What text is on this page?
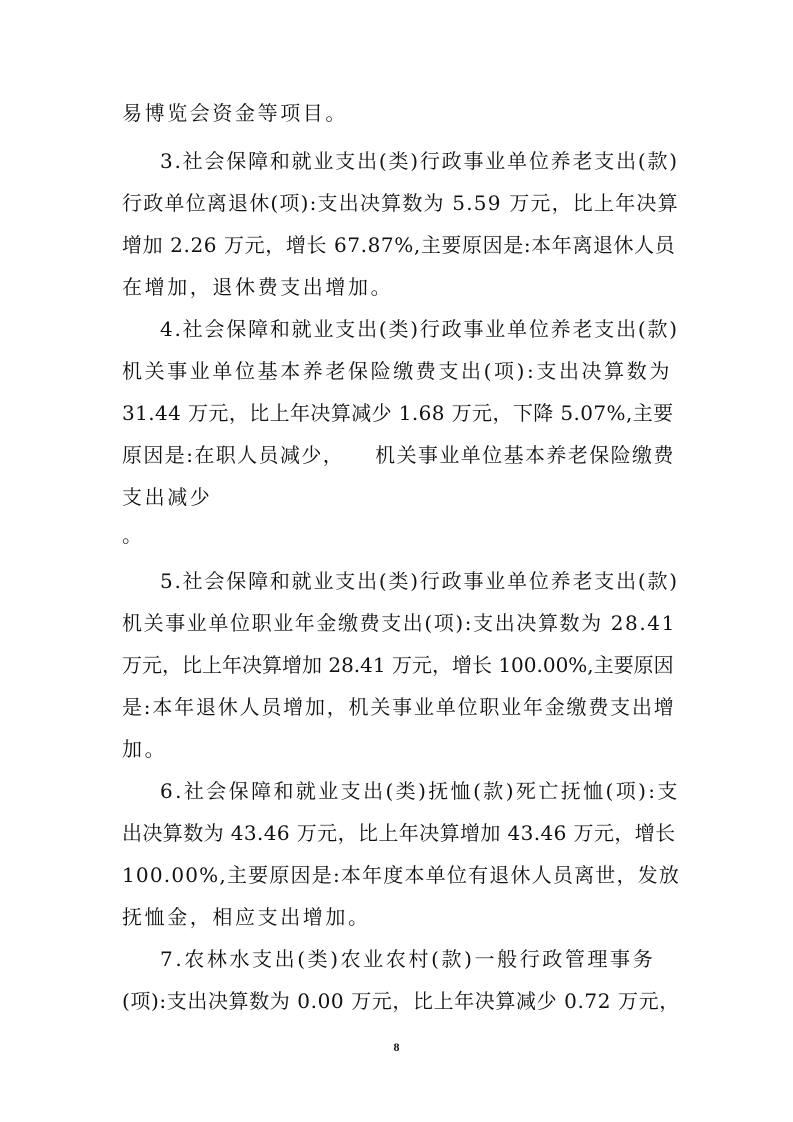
易博览会资金等项目。
3.社会保障和就业支出(类)行政事业单位养老支出(款)
行政单位离退休(项):支出决算数为 5.59 万元，比上年决算
增加 2.26 万元，增长 67.87%,主要原因是:本年离退休人员
在增加，退休费支出增加。
4.社会保障和就业支出(类)行政事业单位养老支出(款)
机关事业单位基本养老保险缴费支出(项):支出决算数为
31.44 万元，比上年决算减少 1.68 万元，下降 5.07%,主要
原因是:在职人员减少，    机关事业单位基本养老保险缴费
支出减少
。
5.社会保障和就业支出(类)行政事业单位养老支出(款)
机关事业单位职业年金缴费支出(项):支出决算数为 28.41
万元，比上年决算增加 28.41 万元，增长 100.00%,主要原因
是:本年退休人员增加，机关事业单位职业年金缴费支出增
加。
6.社会保障和就业支出(类)抚恤(款)死亡抚恤(项):支
出决算数为 43.46 万元，比上年决算增加 43.46 万元，增长
100.00%,主要原因是:本年度本单位有退休人员离世，发放
抚恤金，相应支出增加。
7.农林水支出(类)农业农村(款)一般行政管理事务
(项):支出决算数为 0.00 万元，比上年决算减少 0.72 万元，
8
